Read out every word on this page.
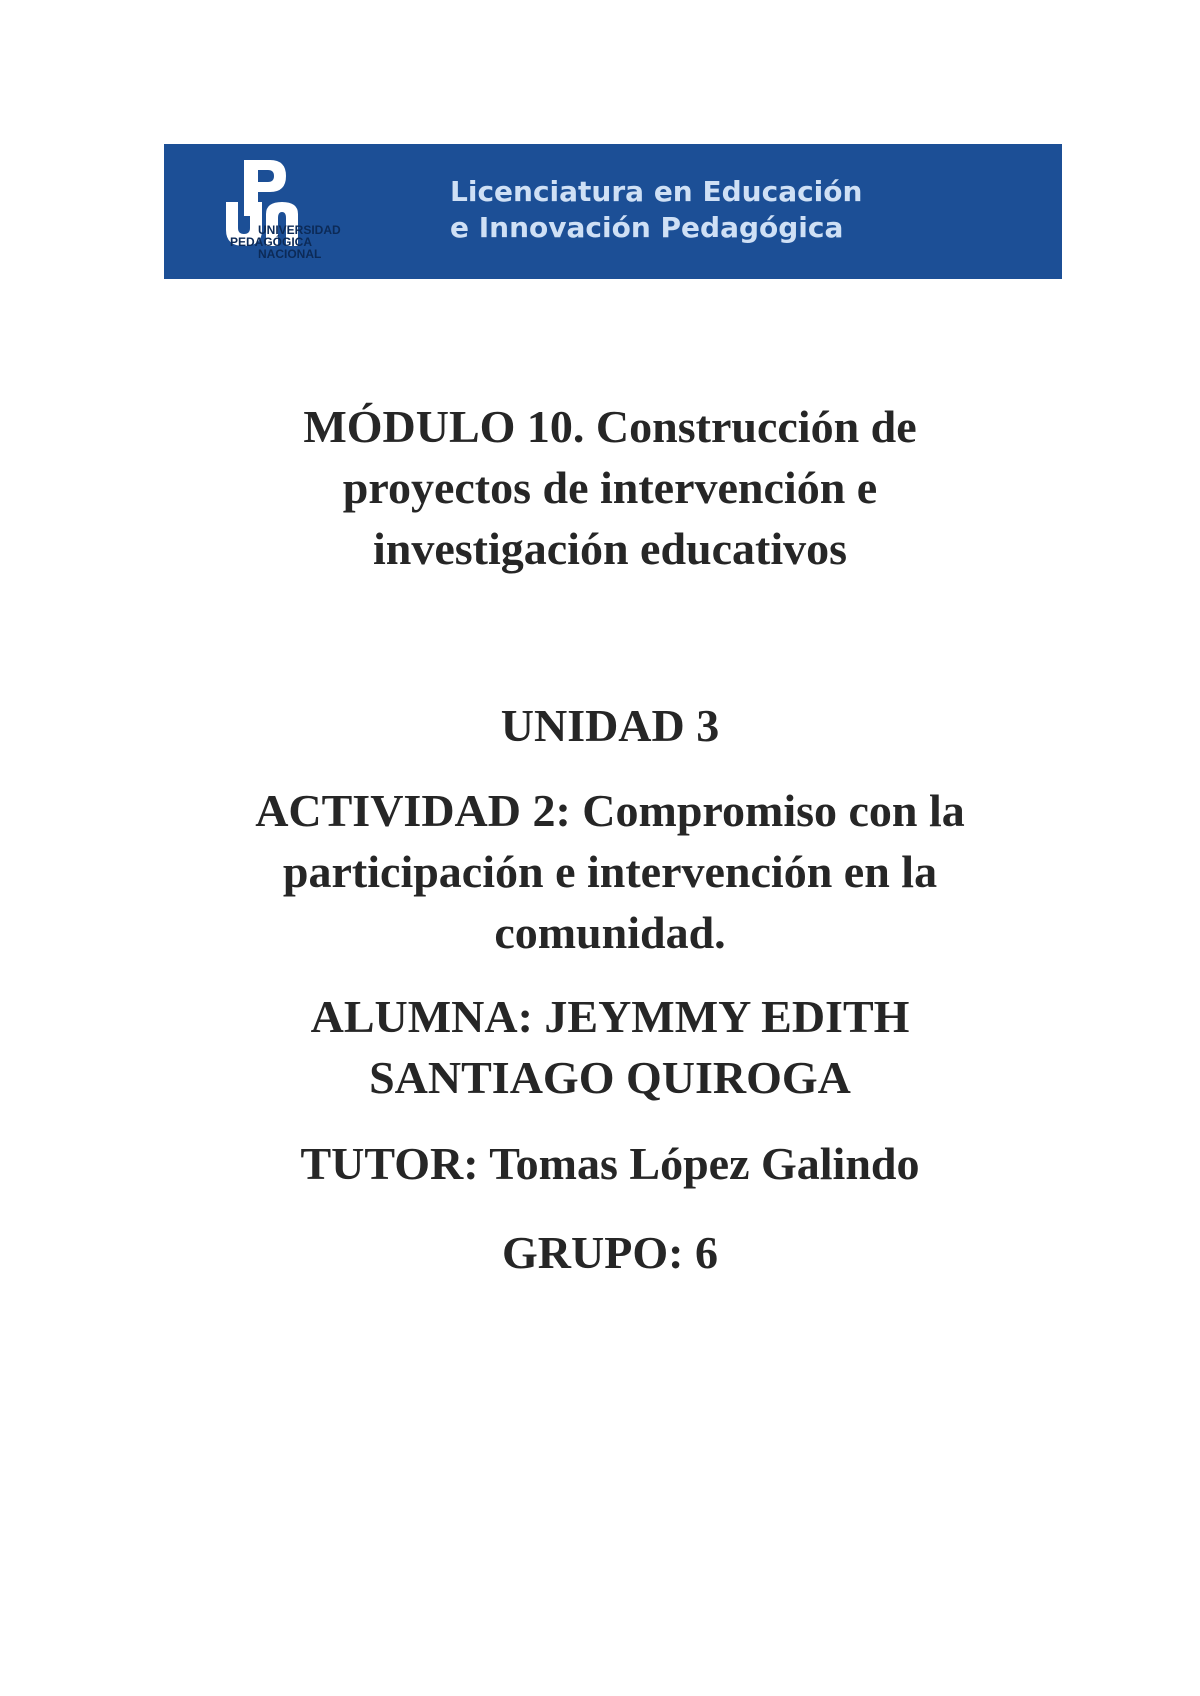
UNIVERSIDAD
PEDAGÓGICA
NACIONAL
Licenciatura en Educación
e Innovación Pedagógica
MÓDULO 10. Construcción de
proyectos de intervención e
investigación educativos
UNIDAD 3
ACTIVIDAD 2: Compromiso con la
participación e intervención en la
comunidad.
ALUMNA: JEYMMY EDITH
SANTIAGO QUIROGA
TUTOR: Tomas López Galindo
GRUPO: 6
